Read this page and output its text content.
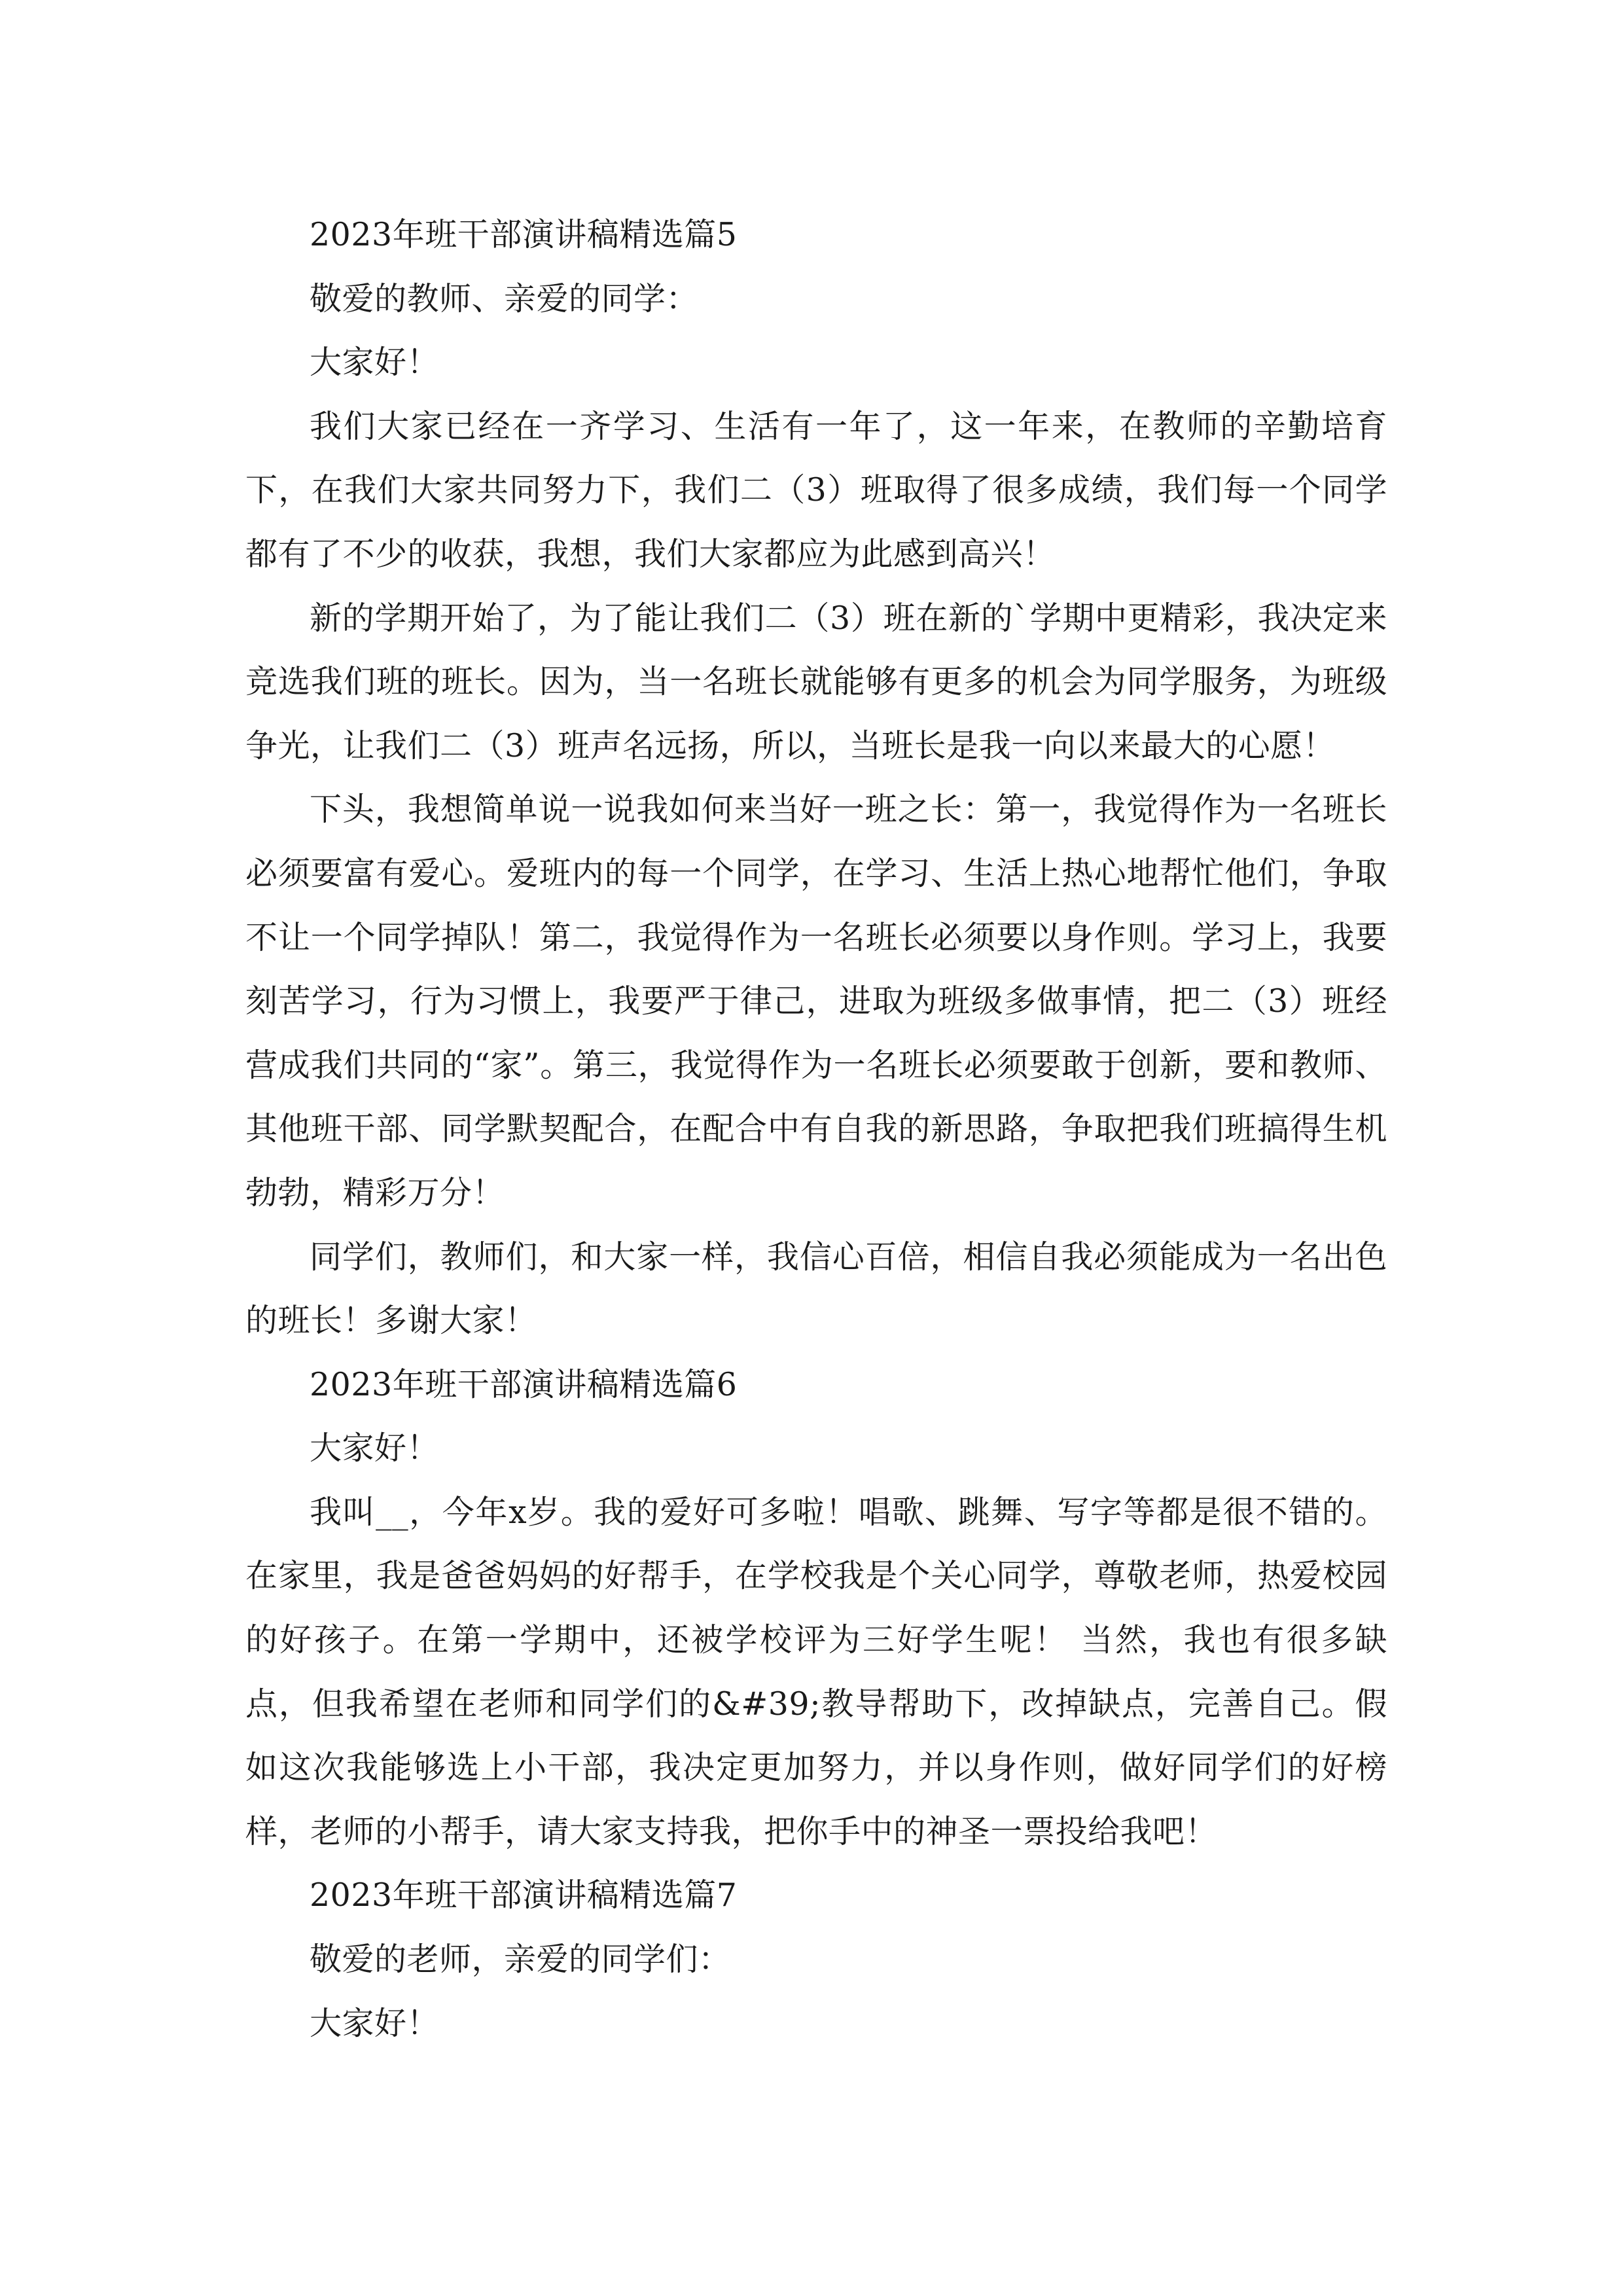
2023年班干部演讲稿精选篇5

敬爱的教师、亲爱的同学：

大家好！

我们大家已经在一齐学习、生活有一年了，这一年来，在教师的辛勤培育下，在我们大家共同努力下，我们二（3）班取得了很多成绩，我们每一个同学都有了不少的收获，我想，我们大家都应为此感到高兴！

新的学期开始了，为了能让我们二（3）班在新的`学期中更精彩，我决定来竞选我们班的班长。因为，当一名班长就能够有更多的机会为同学服务，为班级争光，让我们二（3）班声名远扬，所以，当班长是我一向以来最大的心愿！

下头，我想简单说一说我如何来当好一班之长：第一，我觉得作为一名班长必须要富有爱心。爱班内的每一个同学，在学习、生活上热心地帮忙他们，争取不让一个同学掉队！第二，我觉得作为一名班长必须要以身作则。学习上，我要刻苦学习，行为习惯上，我要严于律己，进取为班级多做事情，把二（3）班经营成我们共同的“家”。第三，我觉得作为一名班长必须要敢于创新，要和教师、其他班干部、同学默契配合，在配合中有自我的新思路，争取把我们班搞得生机勃勃，精彩万分！

同学们，教师们，和大家一样，我信心百倍，相信自我必须能成为一名出色的班长！多谢大家！

2023年班干部演讲稿精选篇6

大家好！

我叫__，今年x岁。我的爱好可多啦！唱歌、跳舞、写字等都是很不错的。在家里，我是爸爸妈妈的好帮手，在学校我是个关心同学，尊敬老师，热爱校园的好孩子。在第一学期中，还被学校评为三好学生呢！ 当然，我也有很多缺点，但我希望在老师和同学们的&#39;教导帮助下，改掉缺点，完善自己。假如这次我能够选上小干部，我决定更加努力，并以身作则，做好同学们的好榜样，老师的小帮手，请大家支持我，把你手中的神圣一票投给我吧！

2023年班干部演讲稿精选篇7

敬爱的老师，亲爱的同学们：

大家好！
